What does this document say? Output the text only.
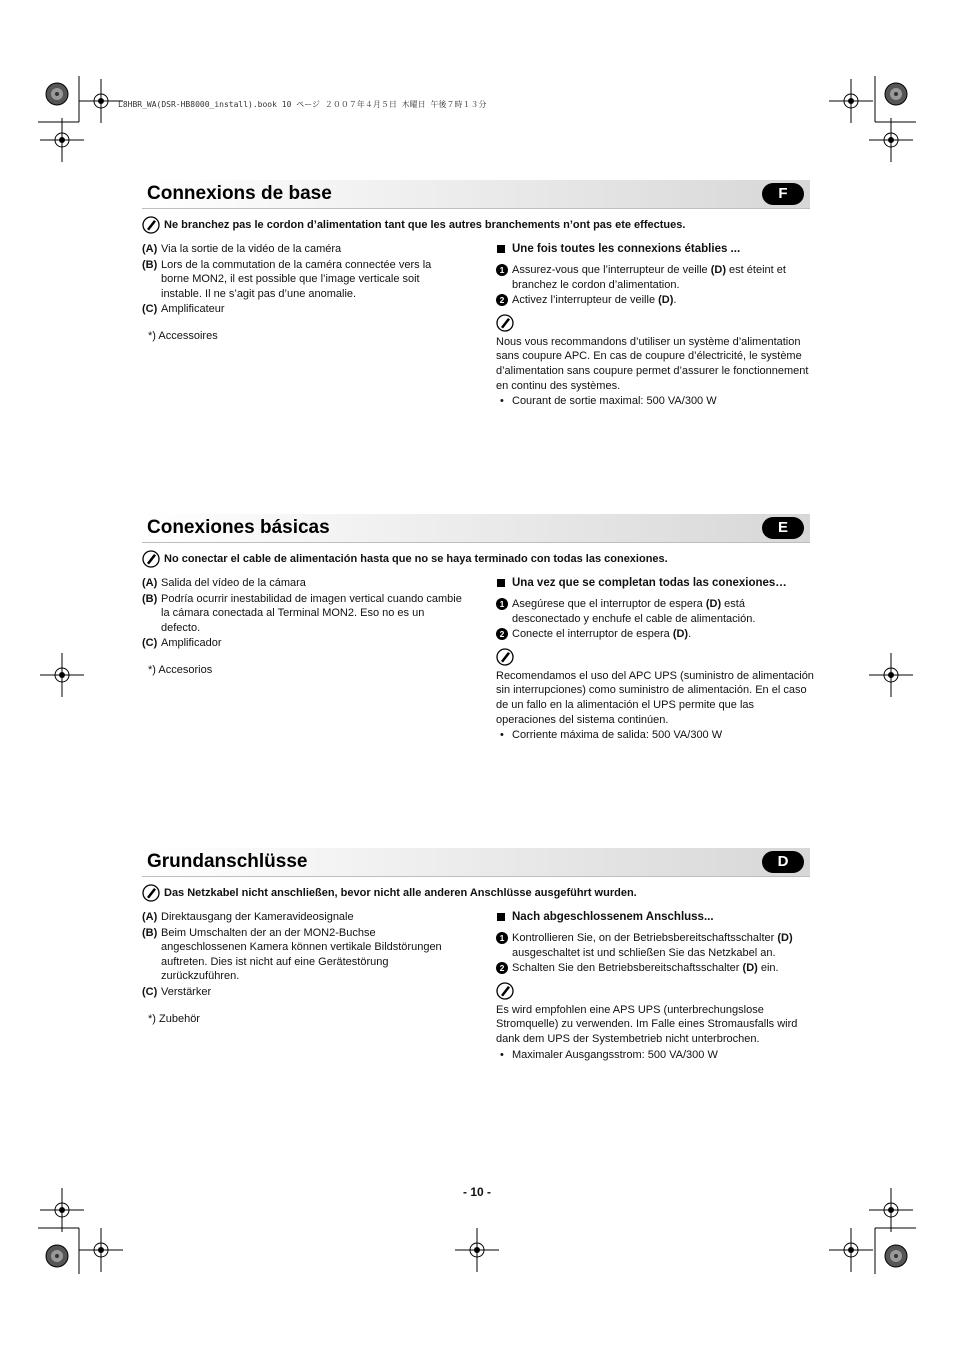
L8HBR_WA(DSR-HB8000_install).book 10 ページ ２００７年４月５日 木曜日 午後７時１３分
Connexions de base	F
Ne branchez pas le cordon d’alimentation tant que les autres branchements n’ont pas ete effectues.
(A) Via la sortie de la vidéo de la caméra
(B) Lors de la commutation de la caméra connectée vers la borne MON2, il est possible que l’image verticale soit instable. Il ne s’agit pas d’une anomalie.
(C) Amplificateur
*) Accessoires
Une fois toutes les connexions établies ...
1 Assurez-vous que l’interrupteur de veille (D) est éteint et branchez le cordon d’alimentation.
2 Activez l’interrupteur de veille (D).
Nous vous recommandons d’utiliser un système d’alimentation sans coupure APC. En cas de coupure d’électricité, le système d’alimentation sans coupure permet d’assurer le fonctionnement en continu des systèmes.
• Courant de sortie maximal: 500 VA/300 W
Conexiones básicas	E
No conectar el cable de alimentación hasta que no se haya terminado con todas las conexiones.
(A) Salida del vídeo de la cámara
(B) Podría ocurrir inestabilidad de imagen vertical cuando cambie la cámara conectada al Terminal MON2. Eso no es un defecto.
(C) Amplificador
*) Accesorios
Una vez que se completan todas las conexiones…
1 Asegúrese que el interruptor de espera (D) está desconectado y enchufe el cable de alimentación.
2 Conecte el interruptor de espera (D).
Recomendamos el uso del APC UPS (suministro de alimentación sin interrupciones) como suministro de alimentación. En el caso de un fallo en la alimentación el UPS permite que las operaciones del sistema continúen.
• Corriente máxima de salida: 500 VA/300 W
Grundanschlüsse	D
Das Netzkabel nicht anschließen, bevor nicht alle anderen Anschlüsse ausgeführt wurden.
(A) Direktausgang der Kameravideosignale
(B) Beim Umschalten der an der MON2-Buchse angeschlossenen Kamera können vertikale Bildstörungen auftreten. Dies ist nicht auf eine Gerätestörung zurückzuführen.
(C) Verstärker
*) Zubehör
Nach abgeschlossenem Anschluss...
1 Kontrollieren Sie, on der Betriebsbereitschaftsschalter (D) ausgeschaltet ist und schließen Sie das Netzkabel an.
2 Schalten Sie den Betriebsbereitschaftsschalter (D) ein.
Es wird empfohlen eine APS UPS (unterbrechungslose Stromquelle) zu verwenden. Im Falle eines Stromausfalls wird dank dem UPS der Systembetrieb nicht unterbrochen.
• Maximaler Ausgangsstrom: 500 VA/300 W
- 10 -
